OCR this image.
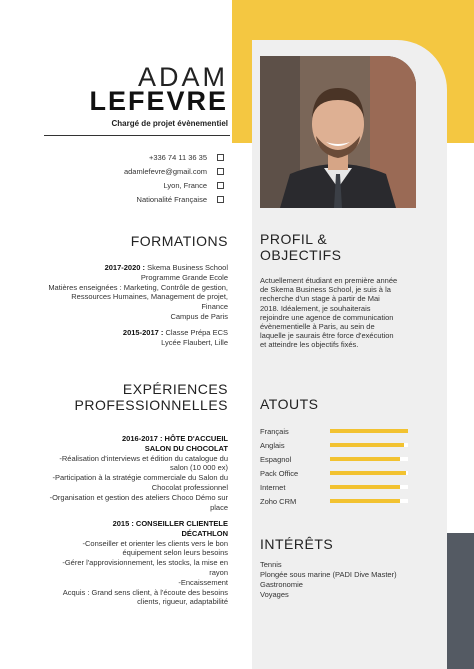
ADAM
LEFEVRE
Chargé de projet évènementiel
+336 74 11 36 35
adamlefevre@gmail.com
Lyon, France
Nationalité Française
FORMATIONS
2017-2020 : Skema Business School
Programme Grande Ecole
Matières enseignées : Marketing, Contrôle de gestion,
Ressources Humaines, Management de projet,
Finance
Campus de Paris
2015-2017 : Classe Prépa ECS
Lycée Flaubert, Lille
EXPÉRIENCES
PROFESSIONNELLES
2016-2017 : HÔTE D'ACCUEIL
SALON DU CHOCOLAT
-Réalisation d'interviews et édition du catalogue du
salon (10 000 ex)
-Participation à la stratégie commerciale du Salon du
Chocolat professionnel
-Organisation et gestion des ateliers Choco Démo sur
place
2015 : CONSEILLER CLIENTELE
DÉCATHLON
-Conseiller et orienter les clients vers le bon
équipement selon leurs besoins
-Gérer l'approvisionnement, les stocks, la mise en
rayon
-Encaissement
Acquis : Grand sens client, à l'écoute des besoins
clients, rigueur, adaptabilité
PROFIL &
OBJECTIFS
Actuellement étudiant en première année de Skema Business School, je suis à la recherche d'un stage à partir de Mai 2018. Idéalement, je souhaiterais rejoindre une agence de communication évènementielle à Paris, au sein de laquelle je saurais être force d'exécution et atteindre les objectifs fixés.
ATOUTS
Français
Anglais
Espagnol
Pack Office
Internet
Zoho CRM
INTÉRÊTS
Tennis
Plongée sous marine (PADI Dive Master)
Gastronomie
Voyages
